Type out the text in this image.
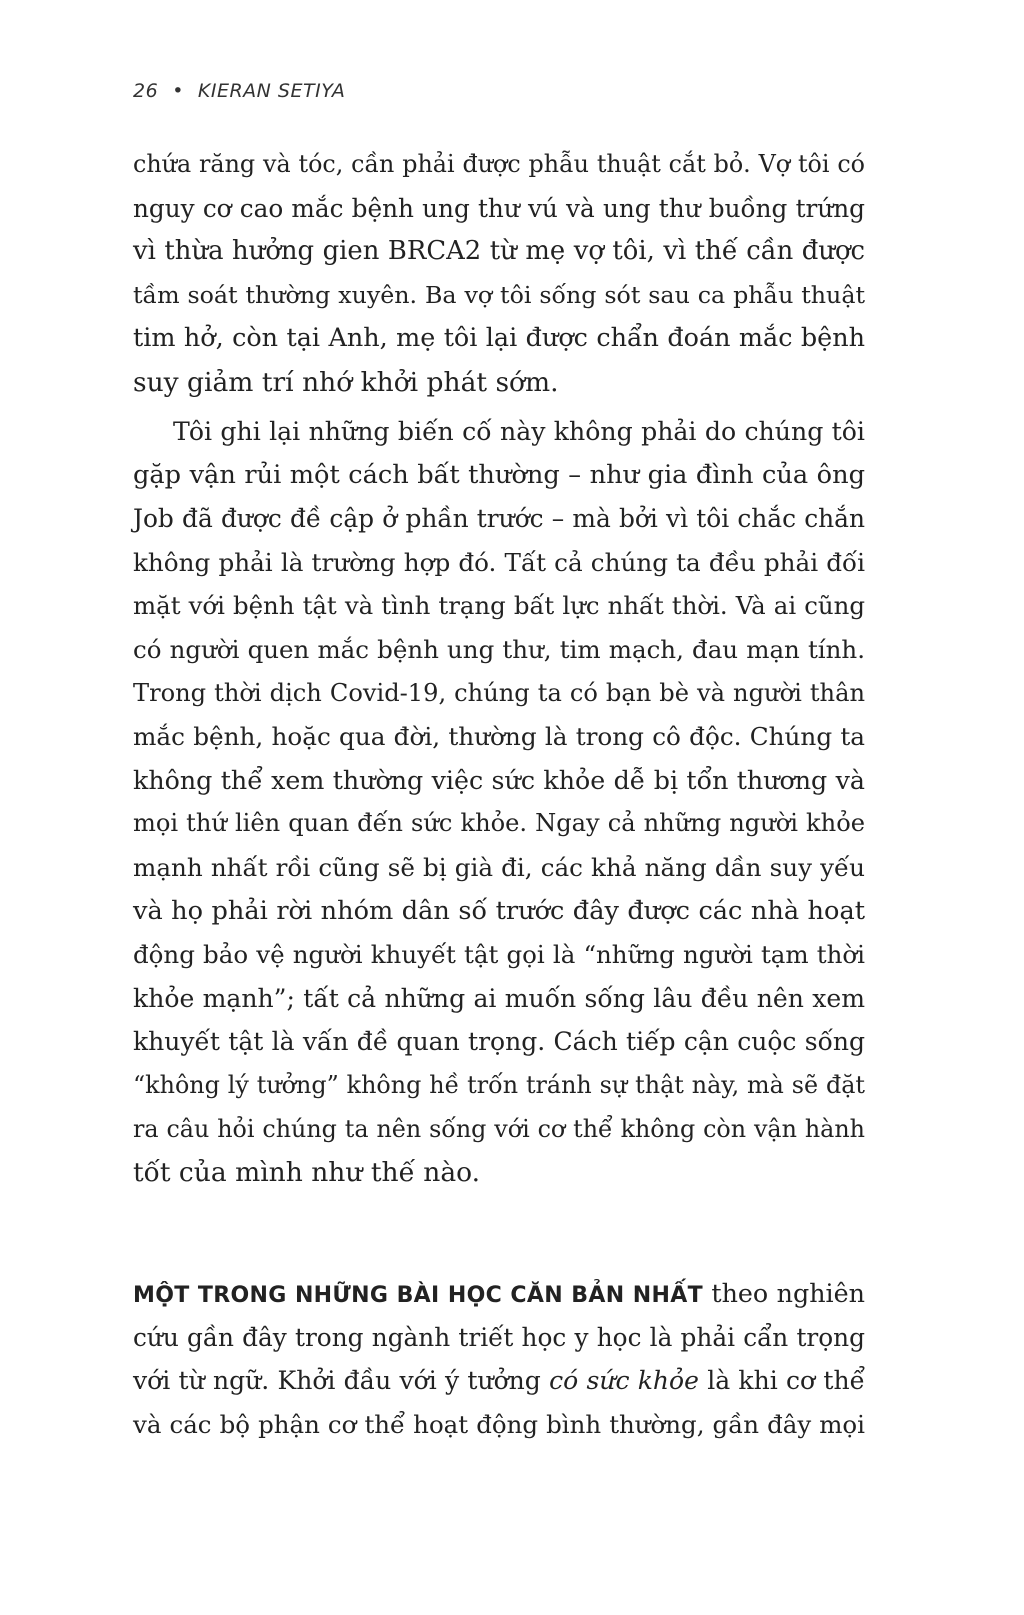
26 • KIERAN SETIYA
chứa răng và tóc, cần phải được phẫu thuật cắt bỏ. Vợ tôi có
nguy cơ cao mắc bệnh ung thư vú và ung thư buồng trứng
vì thừa hưởng gien BRCA2 từ mẹ vợ tôi, vì thế cần được
tầm soát thường xuyên. Ba vợ tôi sống sót sau ca phẫu thuật
tim hở, còn tại Anh, mẹ tôi lại được chẩn đoán mắc bệnh
suy giảm trí nhớ khởi phát sớm.
Tôi ghi lại những biến cố này không phải do chúng tôi
gặp vận rủi một cách bất thường – như gia đình của ông
Job đã được đề cập ở phần trước – mà bởi vì tôi chắc chắn
không phải là trường hợp đó. Tất cả chúng ta đều phải đối
mặt với bệnh tật và tình trạng bất lực nhất thời. Và ai cũng
có người quen mắc bệnh ung thư, tim mạch, đau mạn tính.
Trong thời dịch Covid-19, chúng ta có bạn bè và người thân
mắc bệnh, hoặc qua đời, thường là trong cô độc. Chúng ta
không thể xem thường việc sức khỏe dễ bị tổn thương và
mọi thứ liên quan đến sức khỏe. Ngay cả những người khỏe
mạnh nhất rồi cũng sẽ bị già đi, các khả năng dần suy yếu
và họ phải rời nhóm dân số trước đây được các nhà hoạt
động bảo vệ người khuyết tật gọi là “những người tạm thời
khỏe mạnh”; tất cả những ai muốn sống lâu đều nên xem
khuyết tật là vấn đề quan trọng. Cách tiếp cận cuộc sống
“không lý tưởng” không hề trốn tránh sự thật này, mà sẽ đặt
ra câu hỏi chúng ta nên sống với cơ thể không còn vận hành
tốt của mình như thế nào.
MỘT TRONG NHỮNG BÀI HỌC CĂN BẢN NHẤT theo nghiên
cứu gần đây trong ngành triết học y học là phải cẩn trọng
với từ ngữ. Khởi đầu với ý tưởng có sức khỏe là khi cơ thể
và các bộ phận cơ thể hoạt động bình thường, gần đây mọi
